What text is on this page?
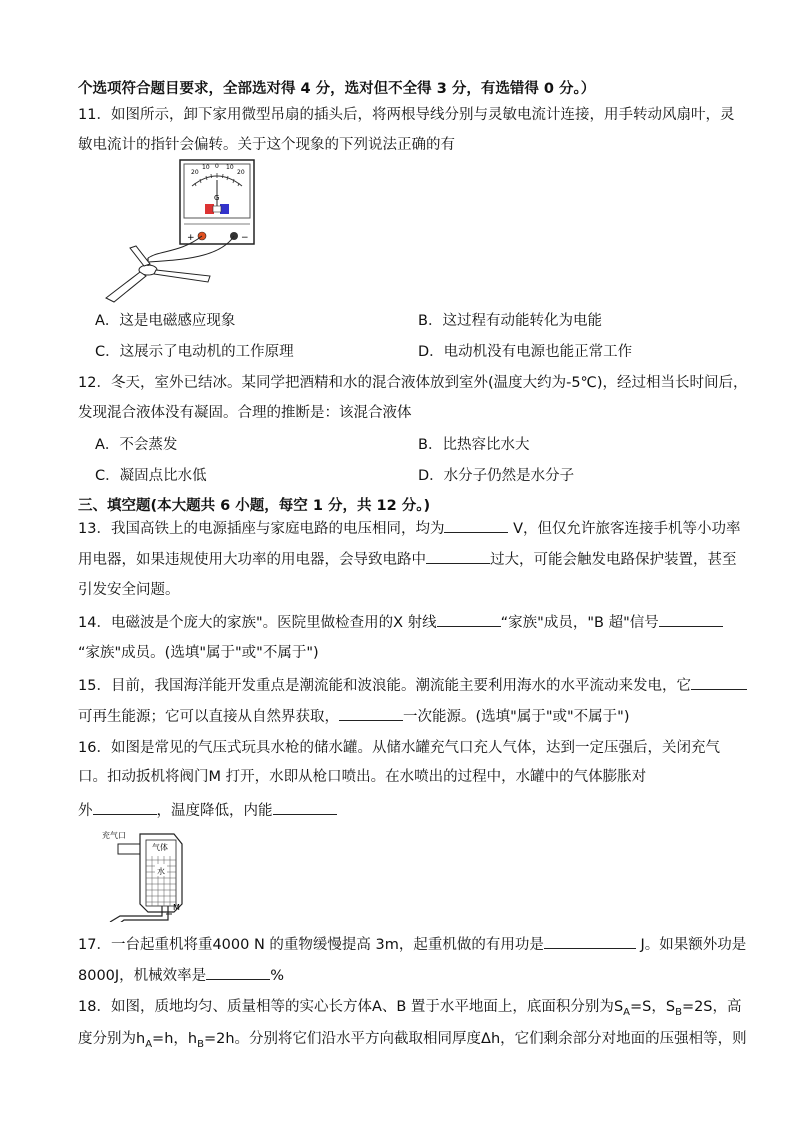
个选项符合题目要求，全部选对得 4 分，选对但不全得 3 分，有选错得 0 分。）
11．如图所示，卸下家用微型吊扇的插头后，将两根导线分别与灵敏电流计连接，用手转动风扇叶，灵
敏电流计的指针会偏转。关于这个现象的下列说法正确的有
20
10 0 10
20
G
+	−
A．这是电磁感应现象	B．这过程有动能转化为电能
C．这展示了电动机的工作原理	D．电动机没有电源也能正常工作
12．冬天，室外已结冰。某同学把酒精和水的混合液体放到室外(温度大约为-5℃)，经过相当长时间后，
发现混合液体没有凝固。合理的推断是：该混合液体
A．不会蒸发	B．比热容比水大
C．凝固点比水低	D．水分子仍然是水分子
三、填空题(本大题共 6 小题，每空 1 分，共 12 分。)
13．我国高铁上的电源插座与家庭电路的电压相同，均为	V，但仅允许旅客连接手机等小功率
用电器，如果违规使用大功率的用电器，会导致电路中	过大，可能会触发电路保护装置，甚至
引发安全问题。
14．电磁波是个庞大的家族"。医院里做检查用的X 射线	“家族"成员，"B 超"信号
“家族"成员。(选填"属于"或"不属于")
15．目前，我国海洋能开发重点是潮流能和波浪能。潮流能主要利用海水的水平流动来发电，它
可再生能源；它可以直接从自然界获取，	一次能源。(选填"属于"或"不属于")
16．如图是常见的气压式玩具水枪的储水罐。从储水罐充气口充人气体，达到一定压强后，关闭充气
口。扣动扳机将阀门M 打开，水即从枪口喷出。在水喷出的过程中，水罐中的气体膨胀对
外	，温度降低，内能
充气口
气体
水
M
17．一台起重机将重4000 N 的重物缓慢提高 3m，起重机做的有用功是	J。如果额外功是
8000J，机械效率是	%
18．如图，质地均匀、质量相等的实心长方体A、B 置于水平地面上，底面积分别为$S_A=S$，$S_B=2S$，高
度分别为$h_A=h$，$h_B=2h$。分别将它们沿水平方向截取相同厚度Δh，它们剩余部分对地面的压强相等，则
